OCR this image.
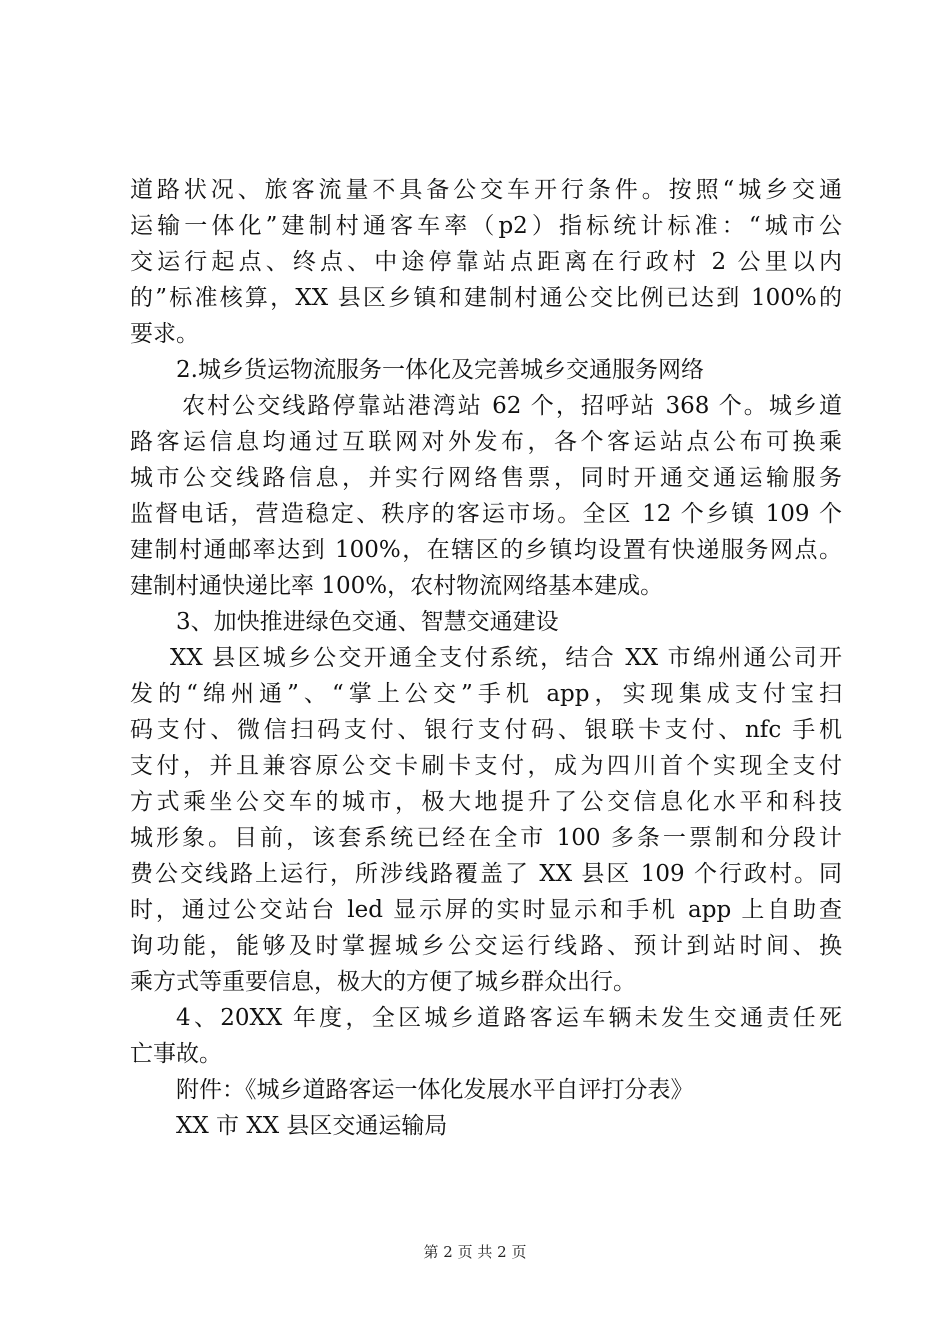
道路状况、旅客流量不具备公交车开行条件。按照“城乡交通
运输一体化”建制村通客车率（p2）指标统计标准：“城市公
交运行起点、终点、中途停靠站点距离在行政村 2 公里以内
的”标准核算，XX 县区乡镇和建制村通公交比例已达到 100%的
要求。
2.城乡货运物流服务一体化及完善城乡交通服务网络
农村公交线路停靠站港湾站 62 个，招呼站 368 个。城乡道
路客运信息均通过互联网对外发布，各个客运站点公布可换乘
城市公交线路信息，并实行网络售票，同时开通交通运输服务
监督电话，营造稳定、秩序的客运市场。全区 12 个乡镇 109 个
建制村通邮率达到 100%，在辖区的乡镇均设置有快递服务网点。
建制村通快递比率 100%，农村物流网络基本建成。
3、加快推进绿色交通、智慧交通建设
XX 县区城乡公交开通全支付系统，结合 XX 市绵州通公司开
发的“绵州通”、“掌上公交”手机 app，实现集成支付宝扫
码支付、微信扫码支付、银行支付码、银联卡支付、nfc 手机
支付，并且兼容原公交卡刷卡支付，成为四川首个实现全支付
方式乘坐公交车的城市，极大地提升了公交信息化水平和科技
城形象。目前，该套系统已经在全市 100 多条一票制和分段计
费公交线路上运行，所涉线路覆盖了 XX 县区 109 个行政村。同
时，通过公交站台 led 显示屏的实时显示和手机 app 上自助查
询功能，能够及时掌握城乡公交运行线路、预计到站时间、换
乘方式等重要信息，极大的方便了城乡群众出行。
4、20XX 年度，全区城乡道路客运车辆未发生交通责任死
亡事故。
附件：《城乡道路客运一体化发展水平自评打分表》
XX 市 XX 县区交通运输局
第 2 页 共 2 页
